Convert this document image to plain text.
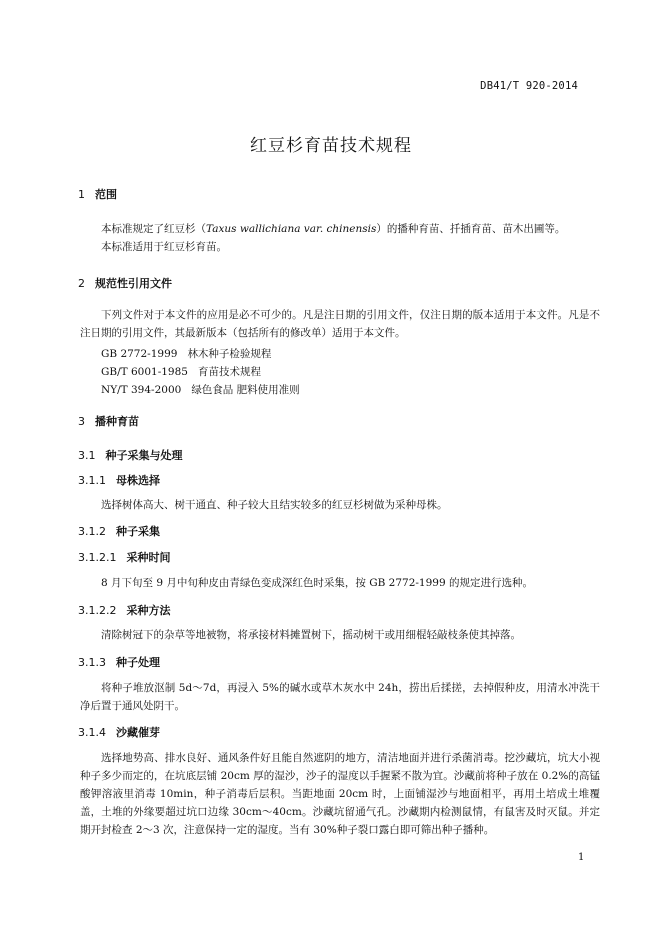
DB41/T 920-2014
红豆杉育苗技术规程
1 范围
本标准规定了红豆杉（Taxus wallichiana var. chinensis）的播种育苗、扦插育苗、苗木出圃等。
本标准适用于红豆杉育苗。
2 规范性引用文件
下列文件对于本文件的应用是必不可少的。凡是注日期的引用文件，仅注日期的版本适用于本文件。凡是不注日期的引用文件，其最新版本（包括所有的修改单）适用于本文件。
GB 2772-1999 林木种子检验规程
GB/T 6001-1985 育苗技术规程
NY/T 394-2000 绿色食品 肥料使用准则
3 播种育苗
3.1 种子采集与处理
3.1.1 母株选择
选择树体高大、树干通直、种子较大且结实较多的红豆杉树做为采种母株。
3.1.2 种子采集
3.1.2.1 采种时间
8 月下旬至 9 月中旬种皮由青绿色变成深红色时采集，按 GB 2772-1999 的规定进行选种。
3.1.2.2 采种方法
清除树冠下的杂草等地被物，将承接材料摊置树下，摇动树干或用细棍轻敲枝条使其掉落。
3.1.3 种子处理
将种子堆放沤制 5d～7d，再浸入 5%的碱水或草木灰水中 24h，捞出后揉搓，去掉假种皮，用清水冲洗干净后置于通风处阴干。
3.1.4 沙藏催芽
选择地势高、排水良好、通风条件好且能自然遮阴的地方，清洁地面并进行杀菌消毒。挖沙藏坑，坑大小视种子多少而定的，在坑底层铺 20cm 厚的湿沙，沙子的湿度以手握紧不散为宜。沙藏前将种子放在 0.2%的高锰酸钾溶液里消毒 10min，种子消毒后层积。当距地面 20cm 时，上面铺湿沙与地面相平，再用土培成土堆覆盖，土堆的外缘要超过坑口边缘 30cm～40cm。沙藏坑留通气孔。沙藏期内检测鼠情，有鼠害及时灭鼠。并定期开封检查 2～3 次，注意保持一定的湿度。当有 30%种子裂口露白即可筛出种子播种。
1
